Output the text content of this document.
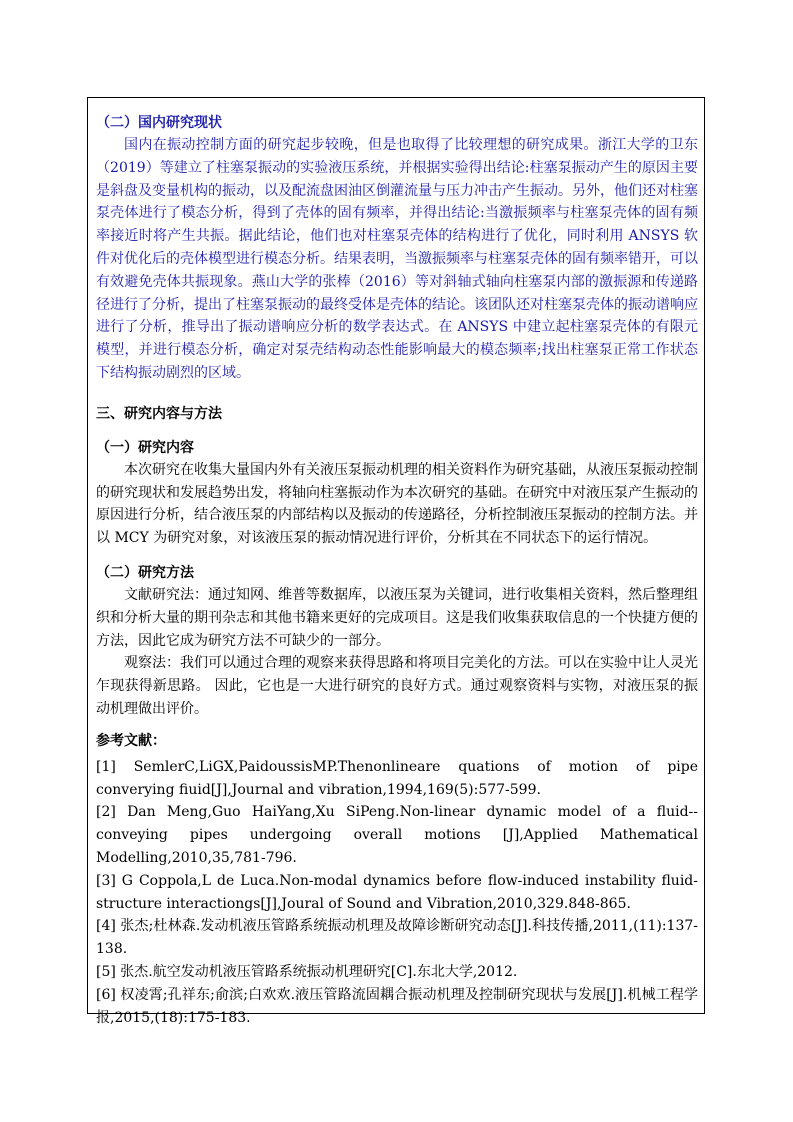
（二）国内研究现状

国内在振动控制方面的研究起步较晚，但是也取得了比较理想的研究成果。浙江大学的卫东（2019）等建立了柱塞泵振动的实验液压系统，并根据实验得出结论:柱塞泵振动产生的原因主要是斜盘及变量机构的振动，以及配流盘困油区倒灌流量与压力冲击产生振动。另外，他们还对柱塞泵壳体进行了模态分析，得到了壳体的固有频率，并得出结论:当激振频率与柱塞泵壳体的固有频率接近时将产生共振。据此结论，他们也对柱塞泵壳体的结构进行了优化，同时利用 ANSYS 软件对优化后的壳体模型进行模态分析。结果表明，当激振频率与柱塞泵壳体的固有频率错开，可以有效避免壳体共振现象。燕山大学的张棒（2016）等对斜轴式轴向柱塞泵内部的激振源和传递路径进行了分析，提出了柱塞泵振动的最终受体是壳体的结论。该团队还对柱塞泵壳体的振动谱响应进行了分析，推导出了振动谱响应分析的数学表达式。在 ANSYS 中建立起柱塞泵壳体的有限元模型，并进行模态分析，确定对泵壳结构动态性能影响最大的模态频率;找出柱塞泵正常工作状态下结构振动剧烈的区域。

三、研究内容与方法

（一）研究内容

本次研究在收集大量国内外有关液压泵振动机理的相关资料作为研究基础，从液压泵振动控制的研究现状和发展趋势出发，将轴向柱塞振动作为本次研究的基础。在研究中对液压泵产生振动的原因进行分析，结合液压泵的内部结构以及振动的传递路径，分析控制液压泵振动的控制方法。并以 MCY 为研究对象，对该液压泵的振动情况进行评价，分析其在不同状态下的运行情况。

（二）研究方法

文献研究法：通过知网、维普等数据库，以液压泵为关键词，进行收集相关资料，然后整理组织和分析大量的期刊杂志和其他书籍来更好的完成项目。这是我们收集获取信息的一个快捷方便的方法，因此它成为研究方法不可缺少的一部分。

观察法：我们可以通过合理的观察来获得思路和将项目完美化的方法。可以在实验中让人灵光乍现获得新思路。 因此，它也是一大进行研究的良好方式。通过观察资料与实物，对液压泵的振动机理做出评价。

参考文献：

[1] SemlerC,LiGX,PaidoussisMP.Thenonlineare quations of motion of pipe converying fiuid[J],Journal and vibration,1994,169(5):577-599.

[2] Dan Meng,Guo HaiYang,Xu SiPeng.Non-linear dynamic model of a fluid--conveying pipes undergoing overall motions [J],Applied Mathematical Modelling,2010,35,781-796.

[3] G Coppola,L de Luca.Non-modal dynamics before flow-induced instability fluid-structure interactiongs[J],Joural of Sound and Vibration,2010,329.848-865.

[4] 张杰;杜林森.发动机液压管路系统振动机理及故障诊断研究动态[J].科技传播,2011,(11):137-138.

[5] 张杰.航空发动机液压管路系统振动机理研究[C].东北大学,2012.

[6] 权凌霄;孔祥东;俞滨;白欢欢.液压管路流固耦合振动机理及控制研究现状与发展[J].机械工程学报,2015,(18):175-183.
